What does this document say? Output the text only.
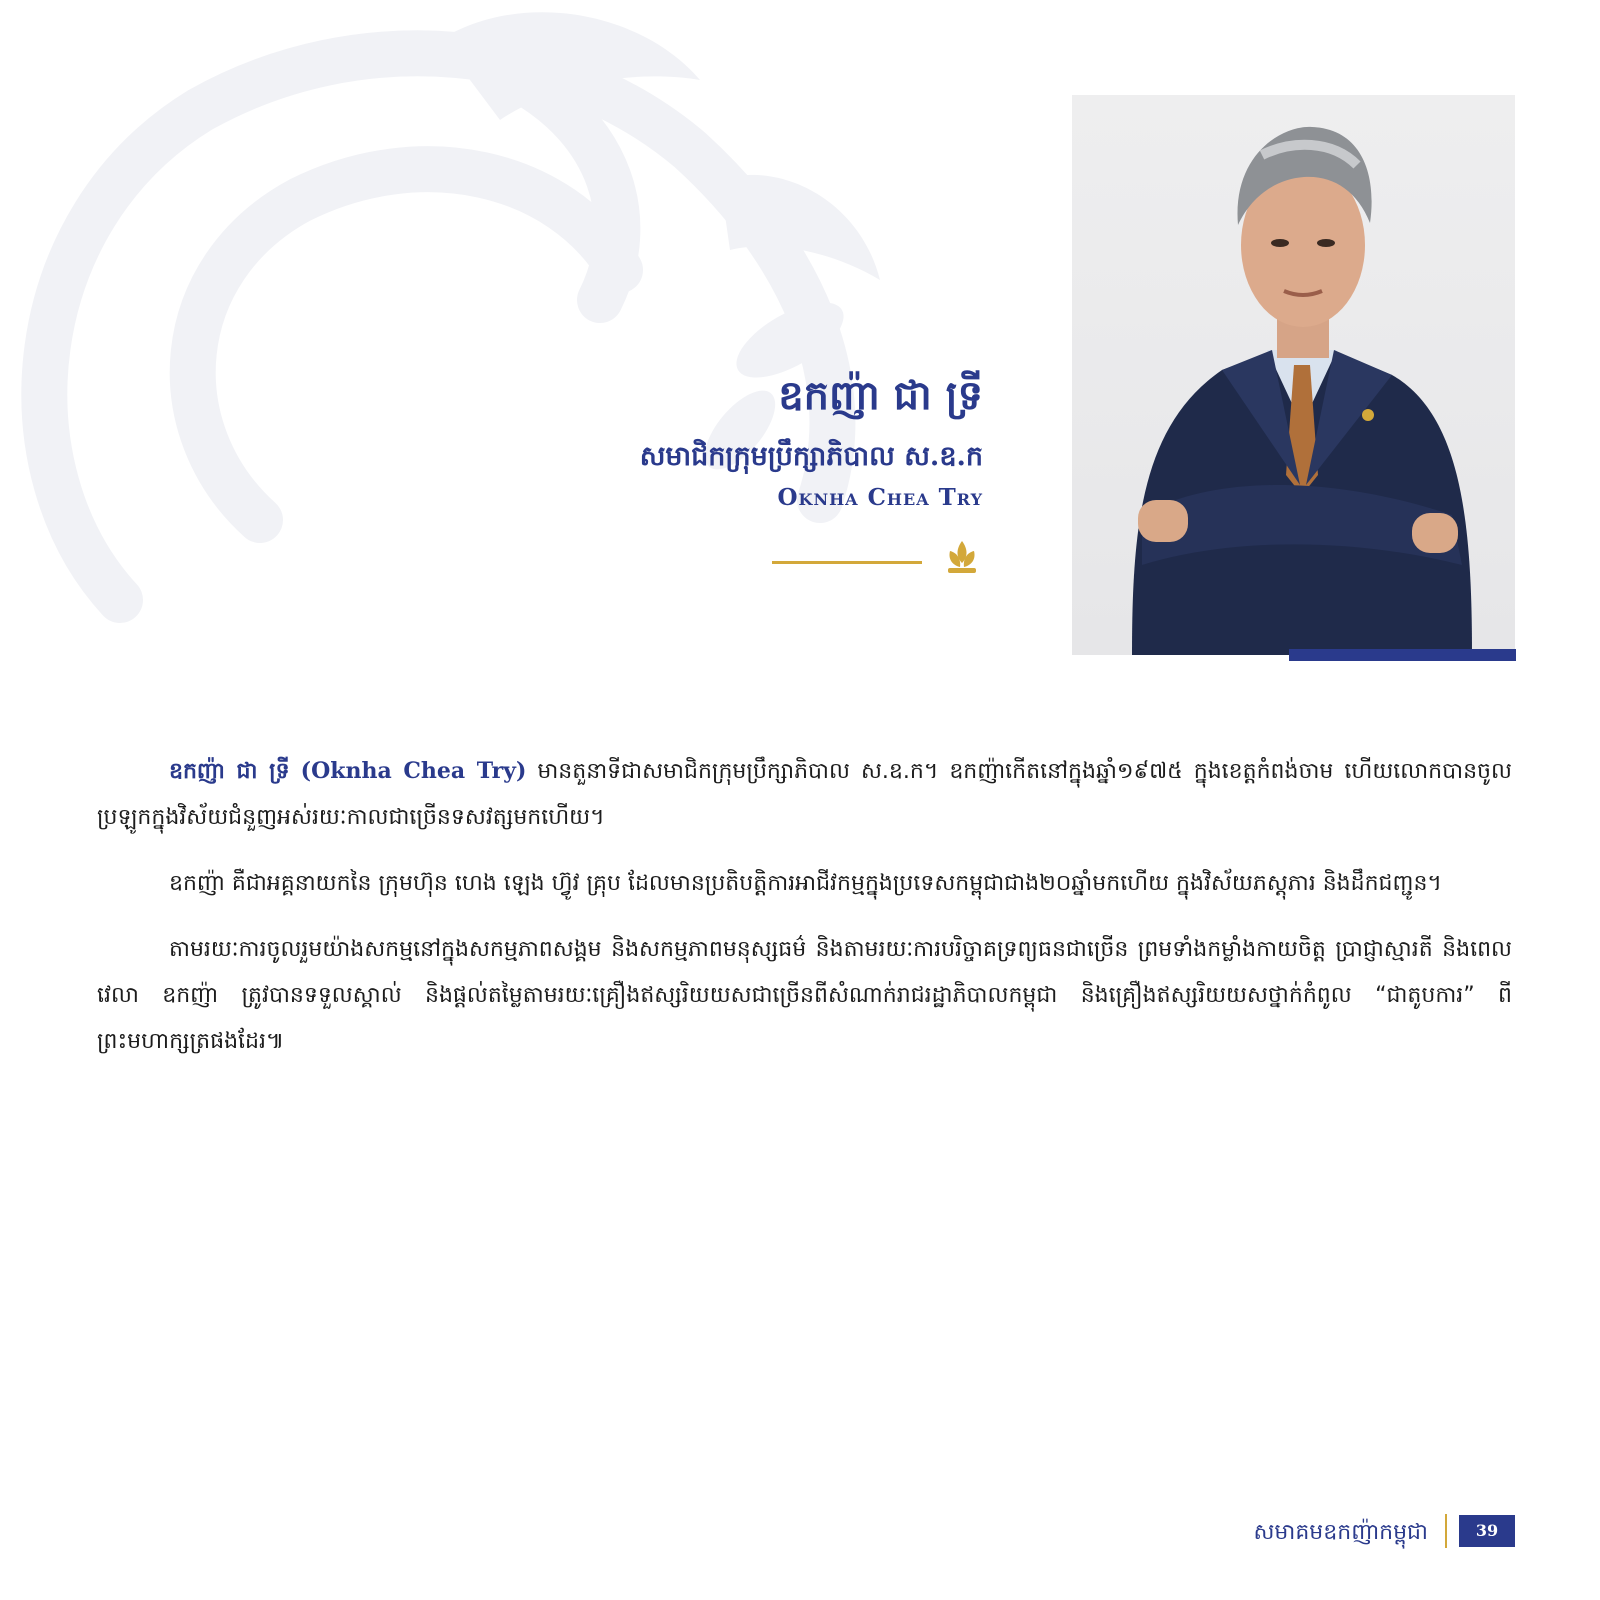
ឧកញ៉ា ជា ទ្រី
សមាជិកក្រុមប្រឹក្សាភិបាល ស.ឧ.ក
Oknha Chea Try

ឧកញ៉ា ជា ទ្រី (Oknha Chea Try) មានតួនាទីជាសមាជិកក្រុមប្រឹក្សាភិបាល ស.ឧ.ក។ ឧកញ៉ាកើតនៅក្នុងឆ្នាំ១៩៧៥ ក្នុងខេត្តកំពង់ចាម ហើយលោកបានចូលប្រឡូកក្នុងវិស័យជំនួញអស់រយៈកាលជាច្រើនទសវត្សមកហើយ។

ឧកញ៉ា គឺជាអគ្គនាយកនៃ ក្រុមហ៊ុន ហេង ឡេង ហ៊្វូវ គ្រុប ដែលមានប្រតិបត្តិការអាជីវកម្មក្នុងប្រទេសកម្ពុជាជាង២០ឆ្នាំមកហើយ ក្នុងវិស័យភស្តុភារ និងដឹកជញ្ជូន។

តាមរយៈការចូលរួមយ៉ាងសកម្មនៅក្នុងសកម្មភាពសង្គម និងសកម្មភាពមនុស្សធម៌ និងតាមរយៈការបរិច្ចាគទ្រព្យធនជាច្រើន ព្រមទាំងកម្លាំងកាយចិត្ត ប្រាជ្ញាស្មារតី និងពេលវេលា ឧកញ៉ា ត្រូវបានទទួលស្គាល់ និងផ្តល់តម្លៃតាមរយៈគ្រឿងឥស្សរិយយសជាច្រើនពីសំណាក់រាជរដ្ឋាភិបាលកម្ពុជា និងគ្រឿងឥស្សរិយយសថ្នាក់កំពូល “ជាតូបការ” ពីព្រះមហាក្សត្រផងដែរ៕

សមាគមឧកញ៉ាកម្ពុជា	39
